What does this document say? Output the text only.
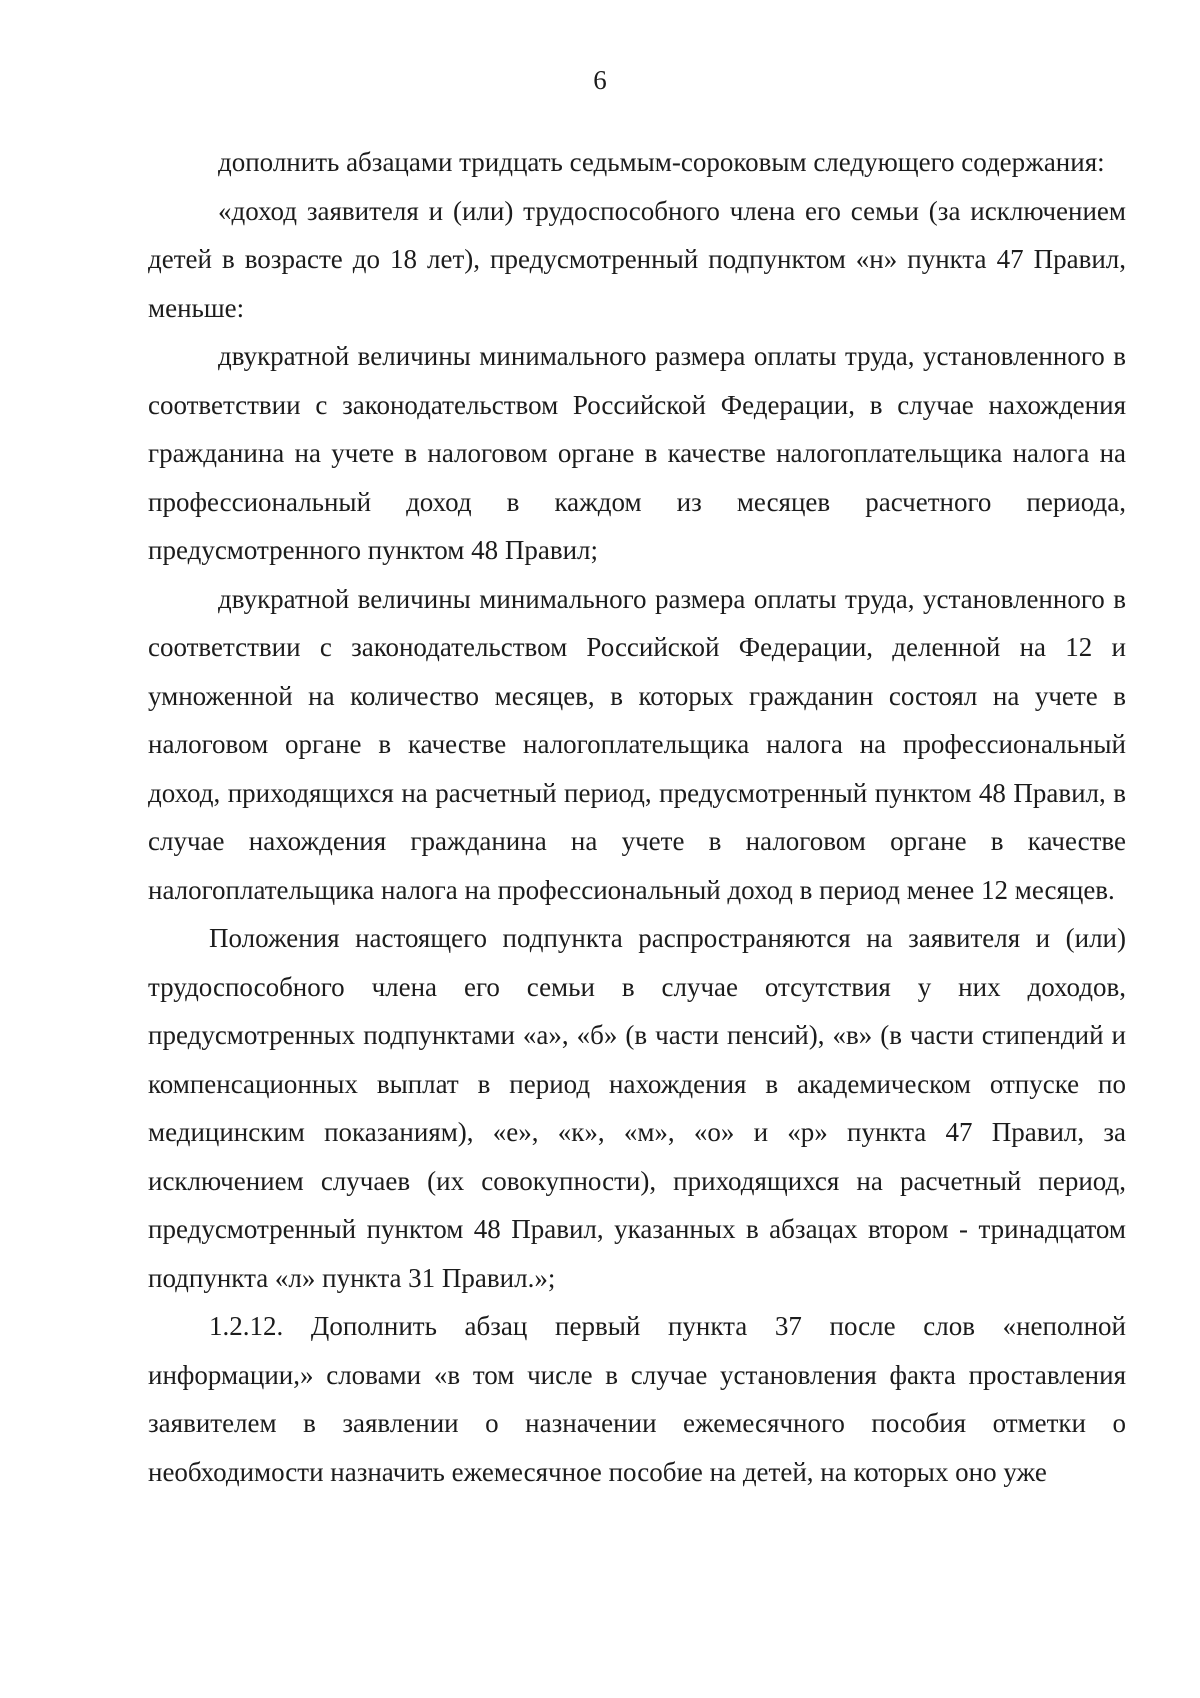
6

дополнить абзацами тридцать седьмым-сороковым следующего содержания:

«доход заявителя и (или) трудоспособного члена его семьи (за исключением детей в возрасте до 18 лет), предусмотренный подпунктом «н» пункта 47 Правил, меньше:

двукратной величины минимального размера оплаты труда, установленного в соответствии с законодательством Российской Федерации, в случае нахождения гражданина на учете в налоговом органе в качестве налогоплательщика налога на профессиональный доход в каждом из месяцев расчетного периода, предусмотренного пунктом 48 Правил;

двукратной величины минимального размера оплаты труда, установленного в соответствии с законодательством Российской Федерации, деленной на 12 и умноженной на количество месяцев, в которых гражданин состоял на учете в налоговом органе в качестве налогоплательщика налога на профессиональный доход, приходящихся на расчетный период, предусмотренный пунктом 48 Правил, в случае нахождения гражданина на учете в налоговом органе в качестве налогоплательщика налога на профессиональный доход в период менее 12 месяцев.

Положения настоящего подпункта распространяются на заявителя и (или) трудоспособного члена его семьи в случае отсутствия у них доходов, предусмотренных подпунктами «а», «б» (в части пенсий), «в» (в части стипендий и компенсационных выплат в период нахождения в академическом отпуске по медицинским показаниям), «е», «к», «м», «о» и «р» пункта 47 Правил, за исключением случаев (их совокупности), приходящихся на расчетный период, предусмотренный пунктом 48 Правил, указанных в абзацах втором - тринадцатом подпункта «л» пункта 31 Правил.»;

1.2.12. Дополнить абзац первый пункта 37 после слов «неполной информации,» словами «в том числе в случае установления факта проставления заявителем в заявлении о назначении ежемесячного пособия отметки о необходимости назначить ежемесячное пособие на детей, на которых оно уже
